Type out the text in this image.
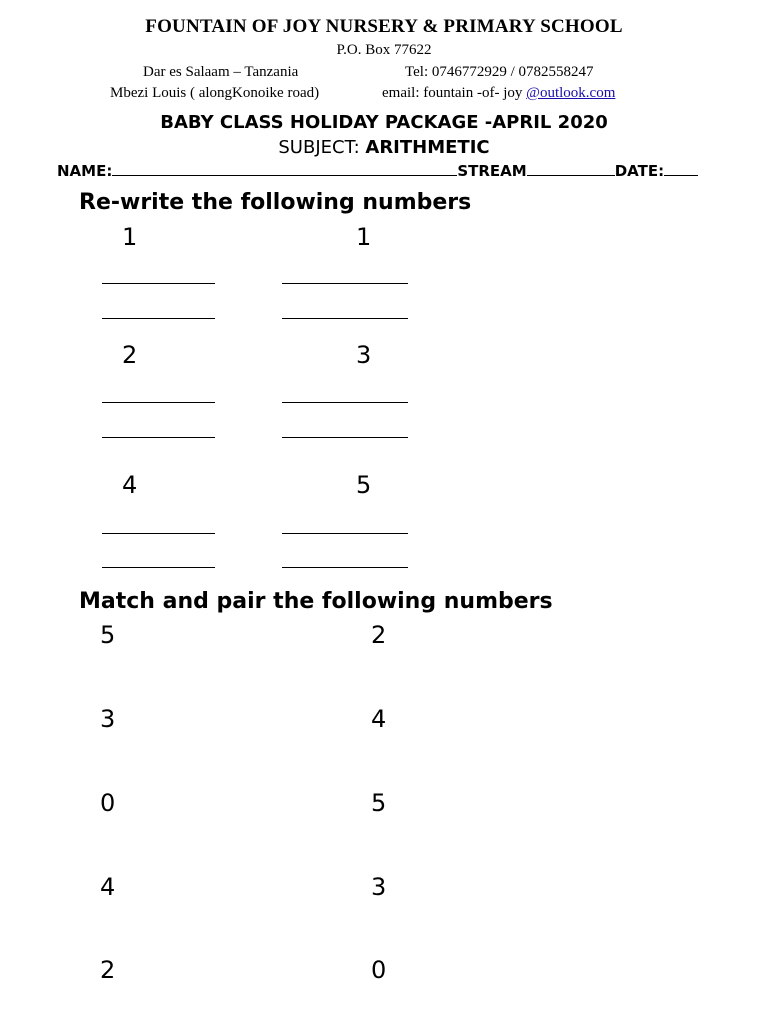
FOUNTAIN OF JOY NURSERY & PRIMARY SCHOOL
P.O. Box 77622
Dar es Salaam – Tanzania	Tel: 0746772929 / 0782558247
Mbezi Louis ( alongKonoike road)	email: fountain -of- joy @outlook.com
BABY CLASS HOLIDAY PACKAGE -APRIL 2020
SUBJECT: ARITHMETIC
NAME:	STREAM	DATE:
Re-write the following numbers
1	1
2	3
4	5
Match and pair the following numbers
5	2
3	4
0	5
4	3
2	0
